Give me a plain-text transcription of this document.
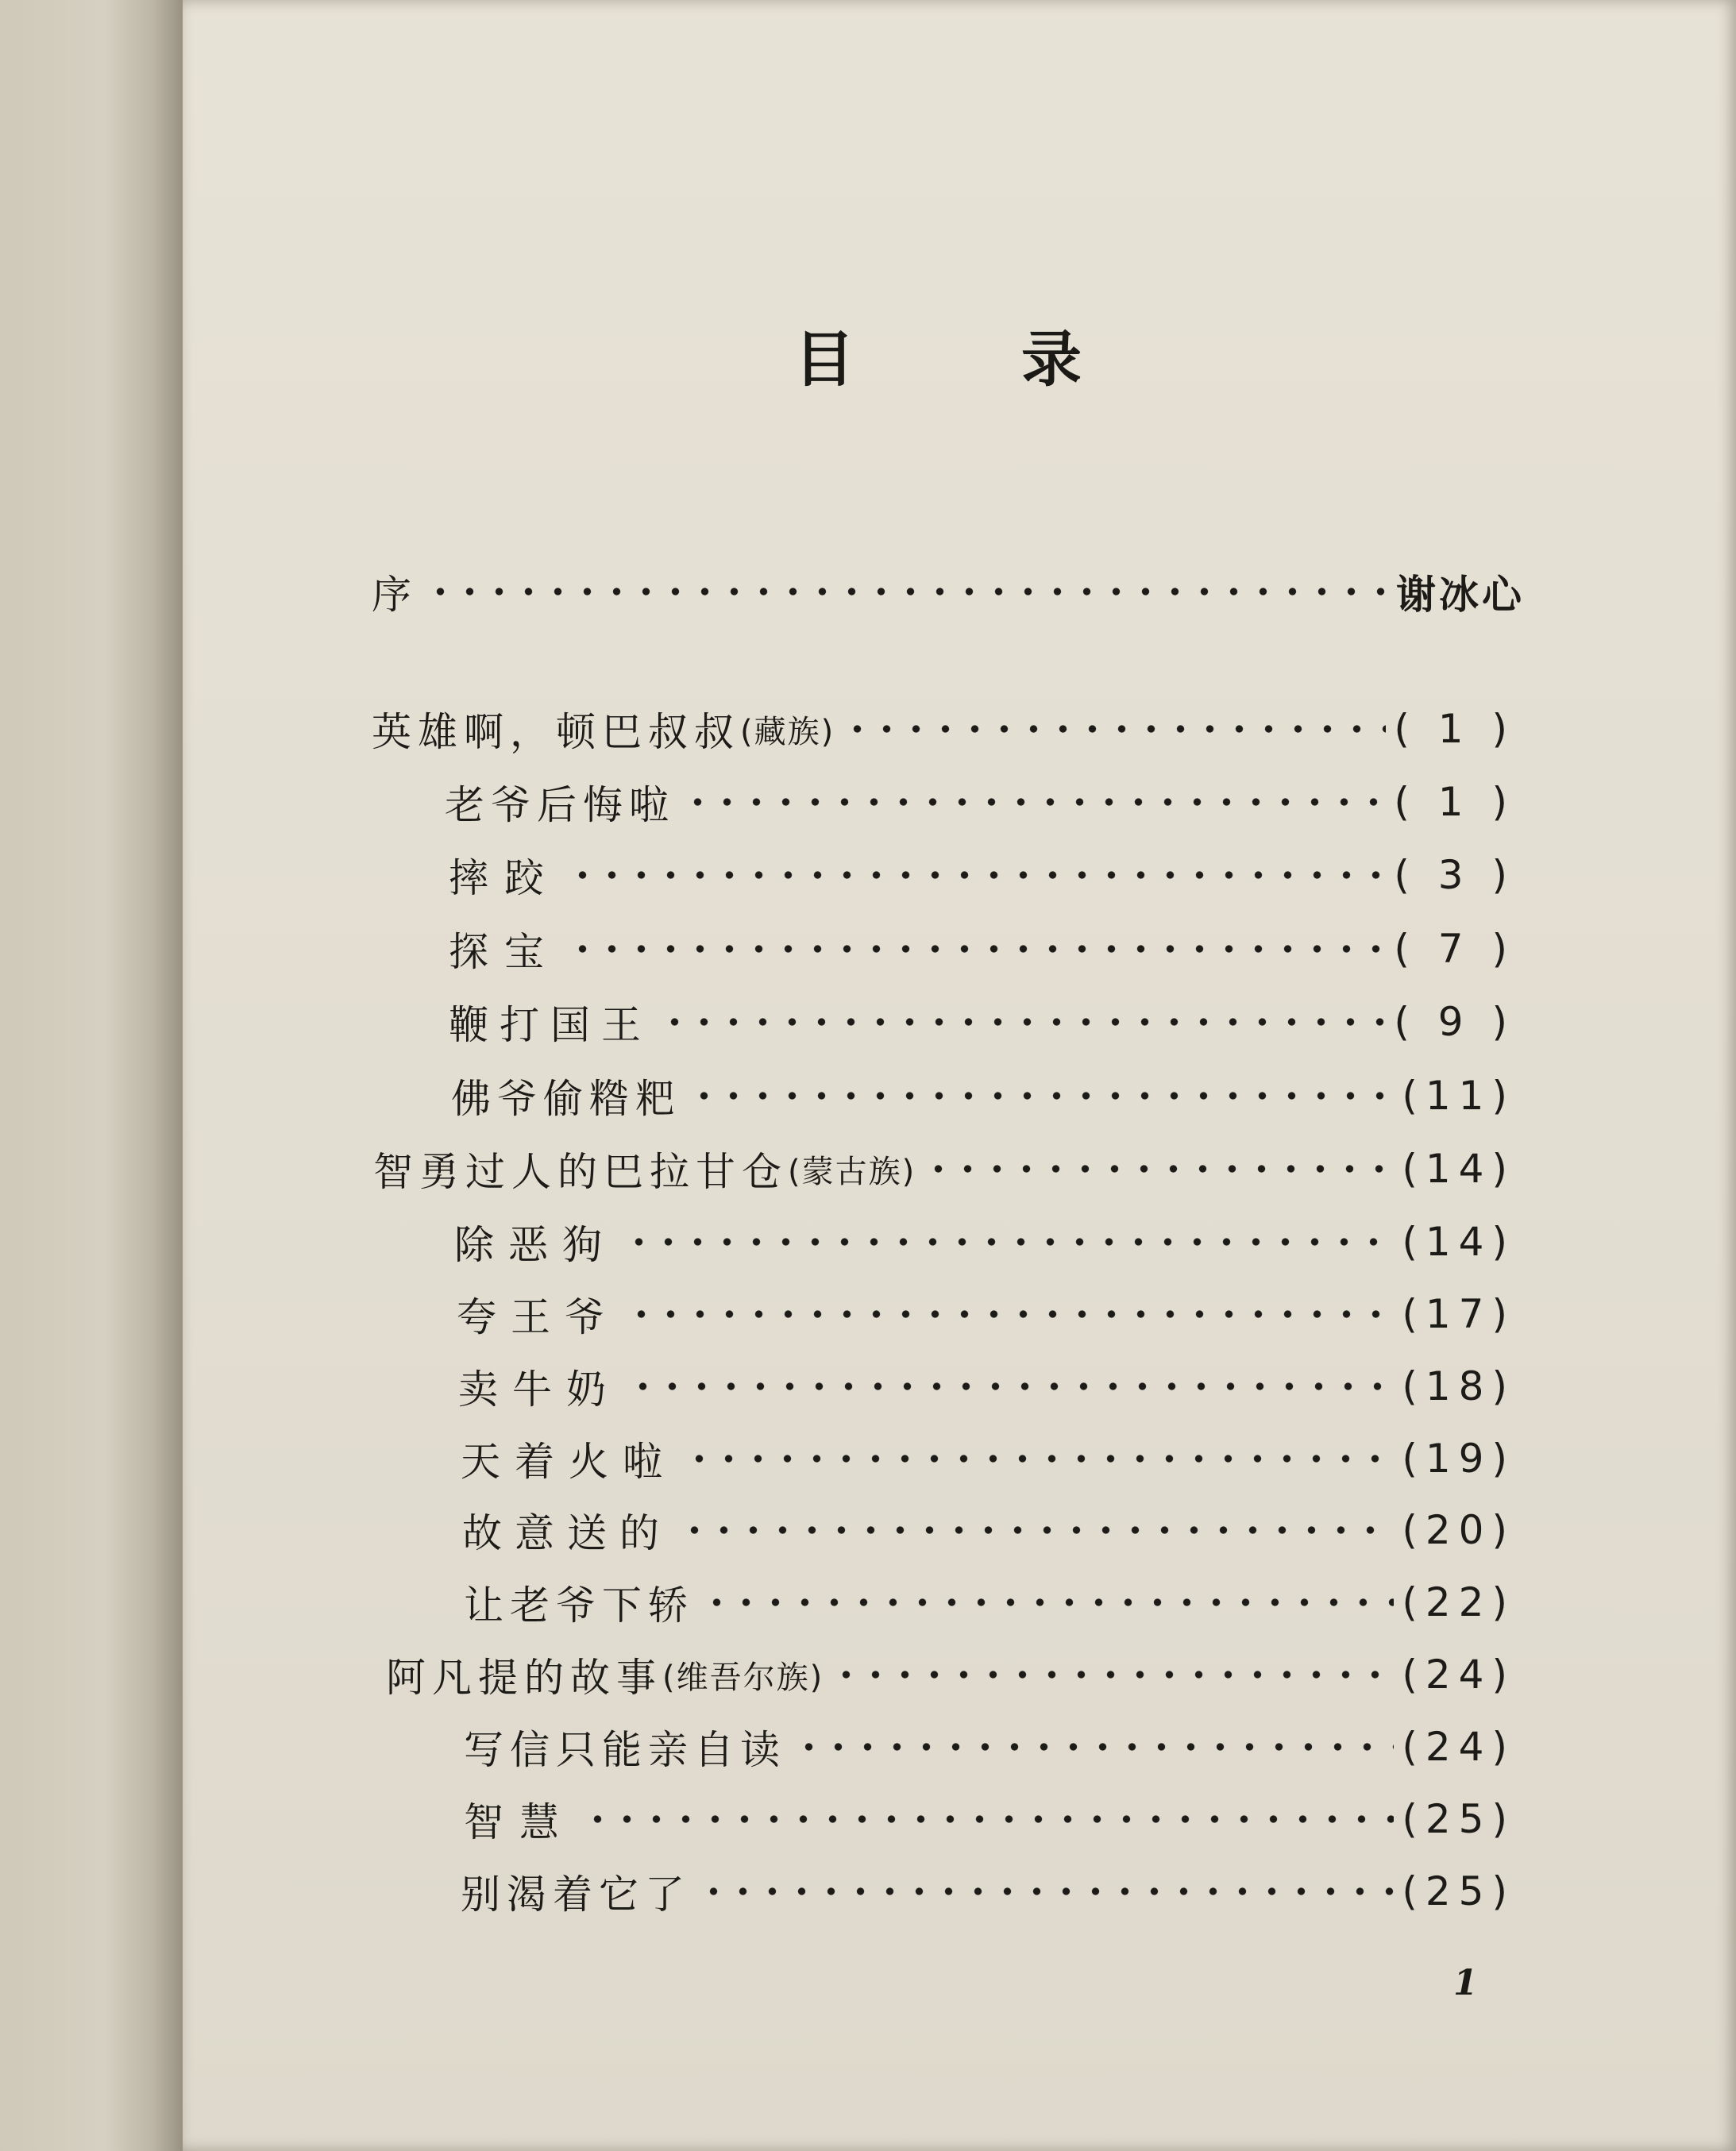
目	录
序	谢冰心
英雄啊，顿巴叔叔 (藏族)	( 1 )
老爷后悔啦	( 1 )
摔跤	( 3 )
探宝	( 7 )
鞭打国王	( 9 )
佛爷偷糌粑	(11)
智勇过人的巴拉甘仓 (蒙古族)	(14)
除恶狗	(14)
夸王爷	(17)
卖牛奶	(18)
天着火啦	(19)
故意送的	(20)
让老爷下轿	(22)
阿凡提的故事 (维吾尔族)	(24)
写信只能亲自读	(24)
智慧	(25)
别渴着它了	(25)
1
